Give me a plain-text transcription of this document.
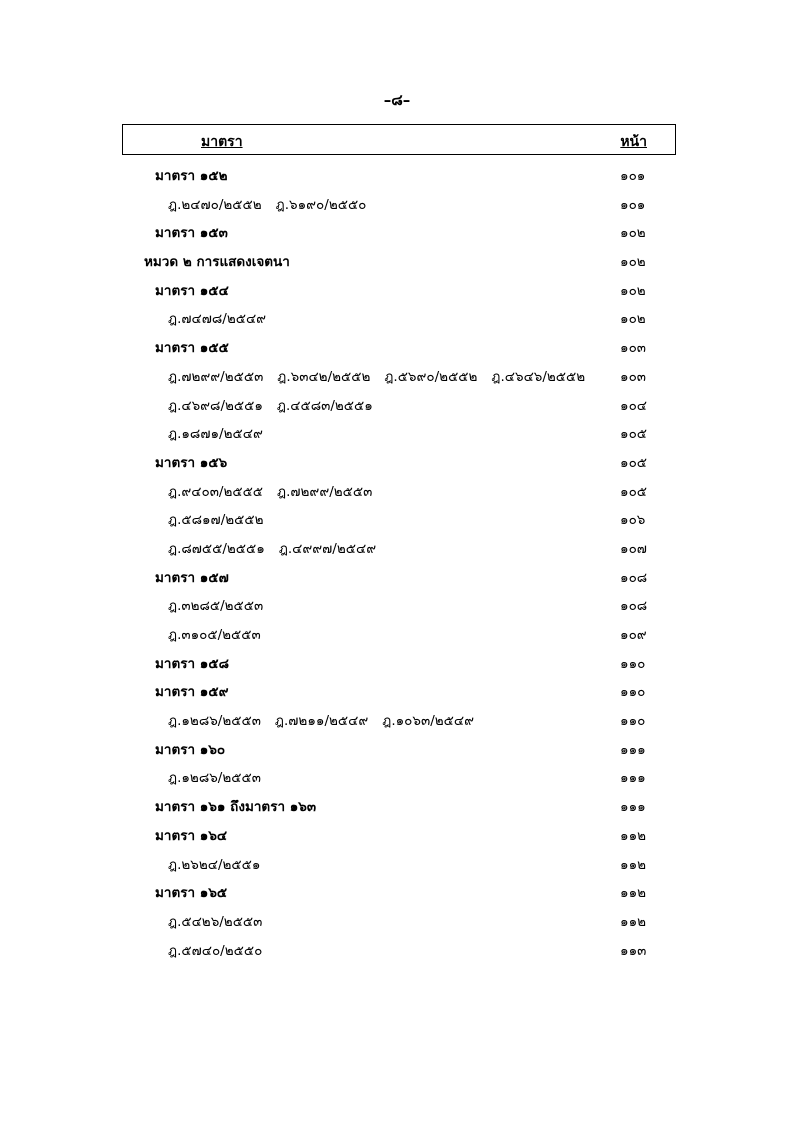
–๘–
มาตรา	หน้า
มาตรา ๑๕๒	๑๐๑
ฎ.๒๔๗๐/๒๕๕๒ ฎ.๖๑๙๐/๒๕๕๐	๑๐๑
มาตรา ๑๕๓	๑๐๒
หมวด ๒ การแสดงเจตนา	๑๐๒
มาตรา ๑๕๔	๑๐๒
ฎ.๗๔๗๘/๒๕๔๙	๑๐๒
มาตรา ๑๕๕	๑๐๓
ฎ.๗๒๙๙/๒๕๕๓ ฎ.๖๓๔๒/๒๕๕๒ ฎ.๕๖๙๐/๒๕๕๒ ฎ.๔๖๔๖/๒๕๕๒	๑๐๓
ฎ.๔๖๙๘/๒๕๕๑ ฎ.๔๕๘๓/๒๕๕๑	๑๐๔
ฎ.๑๘๗๑/๒๕๔๙	๑๐๕
มาตรา ๑๕๖	๑๐๕
ฎ.๙๔๐๓/๒๕๕๕ ฎ.๗๒๙๙/๒๕๕๓	๑๐๕
ฎ.๕๘๑๗/๒๕๕๒	๑๐๖
ฎ.๘๗๕๕/๒๕๕๑ ฎ.๔๙๙๗/๒๕๔๙	๑๐๗
มาตรา ๑๕๗	๑๐๘
ฎ.๓๒๘๕/๒๕๕๓	๑๐๘
ฎ.๓๑๐๕/๒๕๕๓	๑๐๙
มาตรา ๑๕๘	๑๑๐
มาตรา ๑๕๙	๑๑๐
ฎ.๑๒๘๖/๒๕๕๓ ฎ.๗๒๑๑/๒๕๔๙ ฎ.๑๐๖๓/๒๕๔๙	๑๑๐
มาตรา ๑๖๐	๑๑๑
ฎ.๑๒๘๖/๒๕๕๓	๑๑๑
มาตรา ๑๖๑ ถึงมาตรา ๑๖๓	๑๑๑
มาตรา ๑๖๔	๑๑๒
ฎ.๒๖๒๔/๒๕๕๑	๑๑๒
มาตรา ๑๖๕	๑๑๒
ฎ.๕๔๒๖/๒๕๕๓	๑๑๒
ฎ.๕๗๔๐/๒๕๕๐	๑๑๓
